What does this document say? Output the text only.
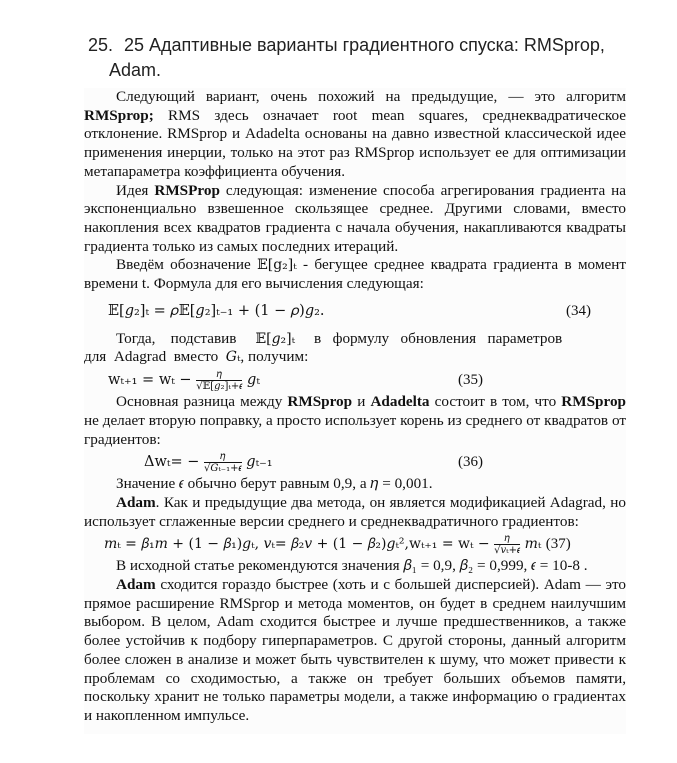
25. 25 Адаптивные варианты градиентного спуска: RMSprop,
Adam.

Следующий вариант, очень похожий на предыдущие, — это алгоритм RMSprop; RMS здесь означает root mean squares, среднеквадратическое отклонение. RMSprop и Adadelta основаны на давно известной классической идее применения инерции, только на этот раз RMSprop использует ее для оптимизации метапараметра коэффициента обучения.

Идея RMSProp следующая: изменение способа агрегирования градиента на экспоненциально взвешенное скользящее среднее. Другими словами, вместо накопления всех квадратов градиента с начала обучения, накапливаются квадраты градиента только из самых последних итераций.

Введём обозначение 𝔼[g₂]ₜ - бегущее среднее квадрата градиента в момент времени t. Формула для его вычисления следующая:

𝔼[𝑔₂]ₜ = 𝜌𝔼[𝑔₂]ₜ₋₁ + (1 − 𝜌)𝑔₂.	(34)

Тогда,    подставив     𝔼[𝑔₂]ₜ     в   формулу   обновления   параметров

для  Adagrad  вместо  𝐺ₜ, получим:

$w_{t+1} = w_t - \frac{\text{𝜂}}{\text{√𝔼[𝑔₂]ₜ+𝜖}}$ 𝑔ₜ	(35)

Основная разница между RMSprop и Adadelta состоит в том, что RMSprop не делает вторую поправку, а просто использует корень из среднего от квадратов от градиентов:

$\Delta w_t= - \frac{\text{𝜂}}{\text{√𝐺ₜ₋₁+𝜖}}$ 𝑔ₜ₋₁	(36)

Значение 𝜖 обычно берут равным 0,9, а 𝜂 = 0,001.

Adam. Как и предыдущие два метода, он является модификацией Adagrad, но использует сглаженные версии среднего и среднеквадратичного градиентов:

𝑚ₜ = 𝛽₁𝑚 + (1 − 𝛽₁)𝑔ₜ, 𝑣ₜ= 𝛽₂𝑣 + (1 − 𝛽₂)𝑔ₜ²,wₜ₊₁ = $w_t - \frac{\text{𝜂}}{\text{√𝑣ₜ+𝜖}}$ 𝑚ₜ (37)

В исходной статье рекомендуются значения 𝛽₁ = 0,9, 𝛽₂ = 0,999, 𝜖 = 10-8 .

Adam сходится гораздо быстрее (хоть и с большей дисперсией). Adam — это прямое расширение RMSprop и метода моментов, он будет в среднем наилучшим выбором. В целом, Adam сходится быстрее и лучше предшественников, а также более устойчив к подбору гиперпараметров. С другой стороны, данный алгоритм более сложен в анализе и может быть чувствителен к шуму, что может привести к проблемам со сходимостью, а также он требует больших объемов памяти, поскольку хранит не только параметры модели, а также информацию о градиентах и накопленном импульсе.
